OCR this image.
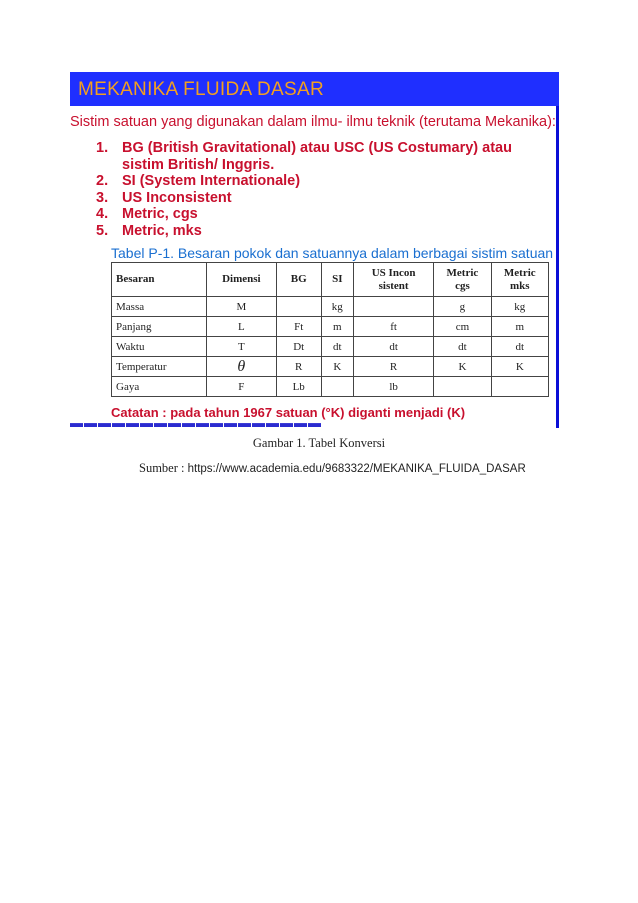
MEKANIKA FLUIDA DASAR
Sistim satuan yang digunakan dalam ilmu- ilmu teknik (terutama Mekanika):
1. BG (British Gravitational) atau USC (US Costumary) atau sistim British/ Inggris.
2. SI (System Internationale)
3. US Inconsistent
4. Metric, cgs
5. Metric, mks
Tabel P-1. Besaran pokok dan satuannya dalam berbagai sistim satuan
Besaran	Dimensi	BG	SI	US Incon sistent	Metric cgs	Metric mks
Massa	M		kg		g	kg
Panjang	L	Ft	m	ft	cm	m
Waktu	T	Dt	dt	dt	dt	dt
Temperatur	θ	R	K	R	K	K
Gaya	F	Lb		lb		
Catatan : pada tahun 1967 satuan (°K) diganti menjadi (K)
▬▬▬▬▬▬▬▬▬▬▬▬▬▬▬▬▬▬
Gambar 1. Tabel Konversi
Sumber : https://www.academia.edu/9683322/MEKANIKA_FLUIDA_DASAR
